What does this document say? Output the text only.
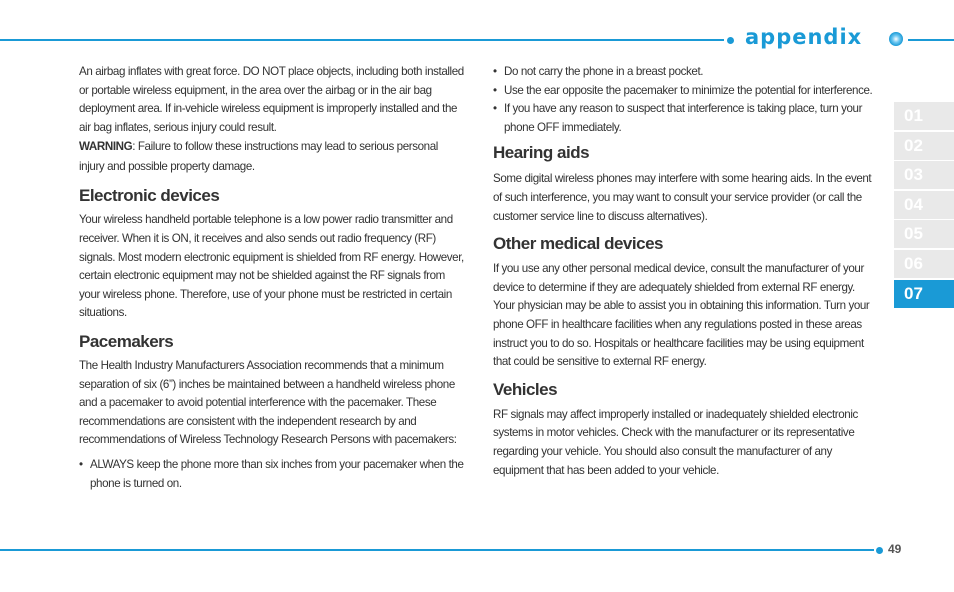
appendix
01
02
03
04
05
06
07

An airbag inflates with great force. DO NOT place objects, including both installed or portable wireless equipment, in the area over the airbag or in the air bag deployment area. If in-vehicle wireless equipment is improperly installed and the air bag inflates, serious injury could result.

WARNING: Failure to follow these instructions may lead to serious personal injury and possible property damage.

Electronic devices

Your wireless handheld portable telephone is a low power radio transmitter and receiver. When it is ON, it receives and also sends out radio frequency (RF) signals. Most modern electronic equipment is shielded from RF energy. However, certain electronic equipment may not be shielded against the RF signals from your wireless phone. Therefore, use of your phone must be restricted in certain situations.

Pacemakers

The Health Industry Manufacturers Association recommends that a minimum separation of six (6”) inches be maintained between a handheld wireless phone and a pacemaker to avoid potential interference with the pacemaker. These recommendations are consistent with the independent research by and recommendations of Wireless Technology Research Persons with pacemakers:

• ALWAYS keep the phone more than six inches from your pacemaker when the phone is turned on.
• Do not carry the phone in a breast pocket.
• Use the ear opposite the pacemaker to minimize the potential for interference.
• If you have any reason to suspect that interference is taking place, turn your phone OFF immediately.
Hearing aids

Some digital wireless phones may interfere with some hearing aids. In the event of such interference, you may want to consult your service provider (or call the customer service line to discuss alternatives).

Other medical devices

If you use any other personal medical device, consult the manufacturer of your device to determine if they are adequately shielded from external RF energy.

Your physician may be able to assist you in obtaining this information. Turn your phone OFF in healthcare facilities when any regulations posted in these areas instruct you to do so. Hospitals or healthcare facilities may be using equipment that could be sensitive to external RF energy.

Vehicles

RF signals may affect improperly installed or inadequately shielded electronic systems in motor vehicles. Check with the manufacturer or its representative regarding your vehicle. You should also consult the manufacturer of any equipment that has been added to your vehicle.

49
